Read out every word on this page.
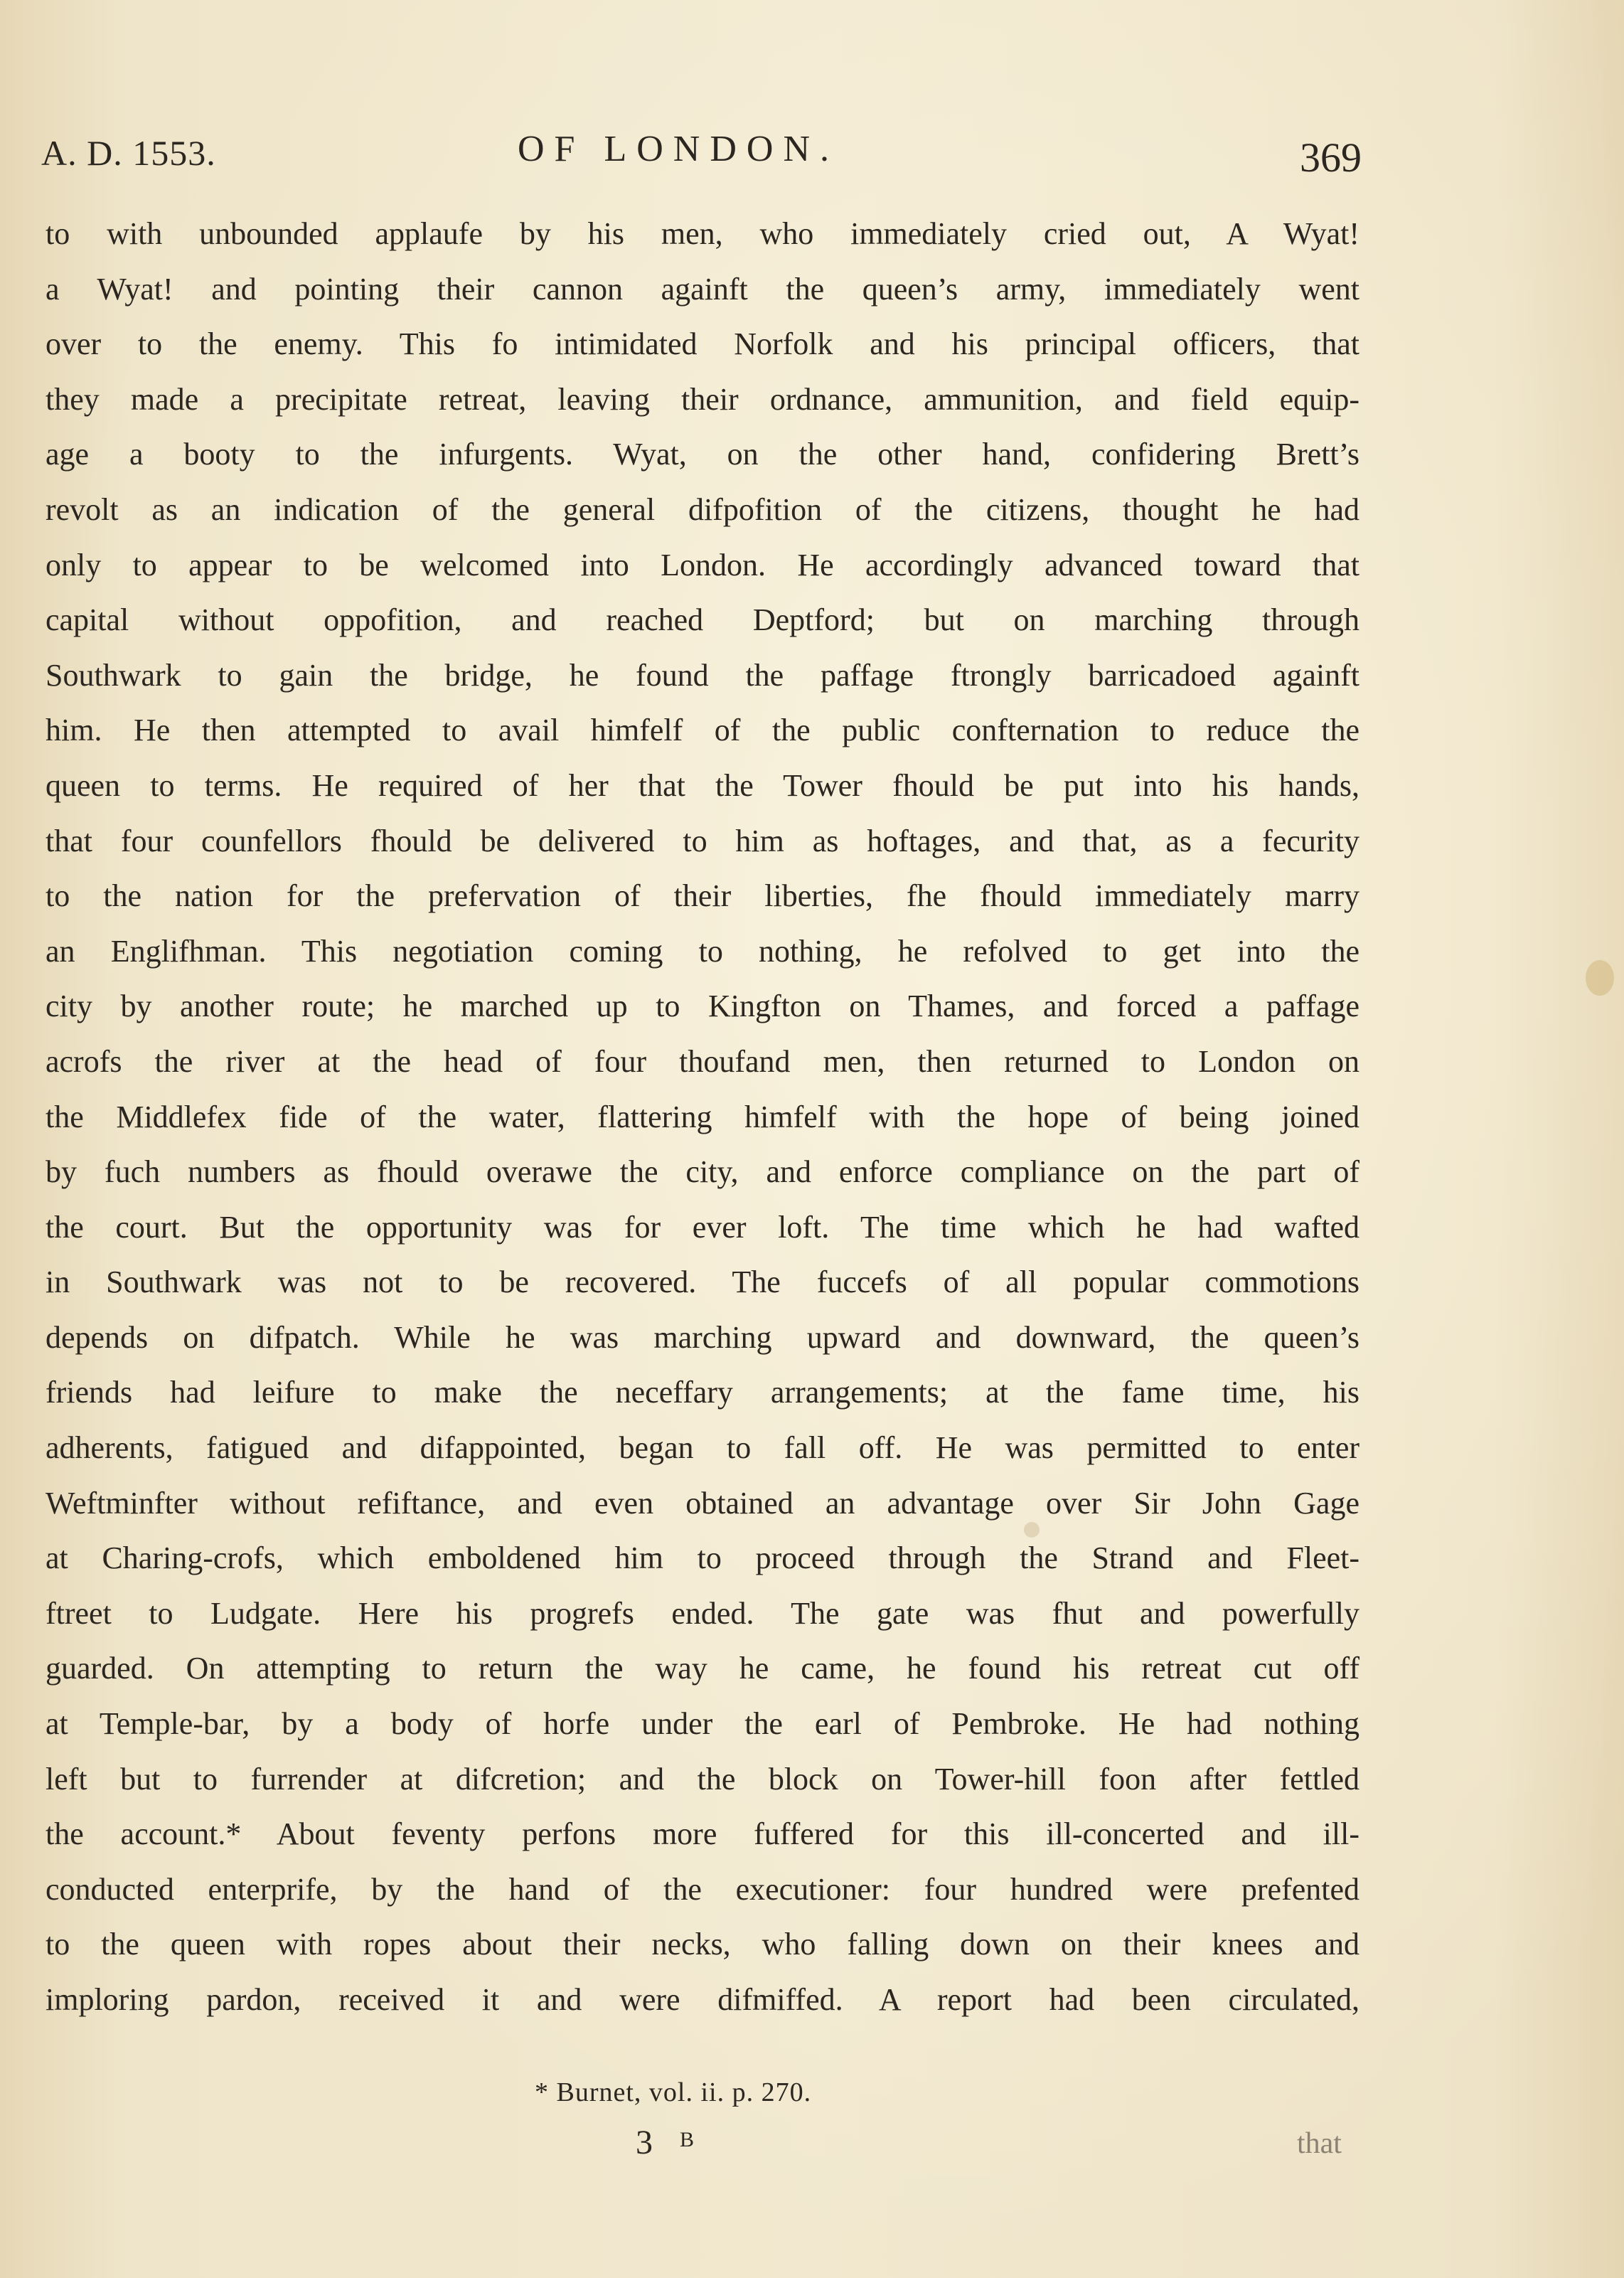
A. D. 1553.	OF LONDON.	369
to with unbounded applaufe by his men, who immediately cried out, A Wyat!
a Wyat! and pointing their cannon againft the queen’s army, immediately went
over to the enemy. This fo intimidated Norfolk and his principal officers, that
they made a precipitate retreat, leaving their ordnance, ammunition, and field equip-
age a booty to the infurgents. Wyat, on the other hand, confidering Brett’s
revolt as an indication of the general difpofition of the citizens, thought he had
only to appear to be welcomed into London. He accordingly advanced toward that
capital without oppofition, and reached Deptford; but on marching through
Southwark to gain the bridge, he found the paffage ftrongly barricadoed againft
him. He then attempted to avail himfelf of the public confternation to reduce the
queen to terms. He required of her that the Tower fhould be put into his hands,
that four counfellors fhould be delivered to him as hoftages, and that, as a fecurity
to the nation for the prefervation of their liberties, fhe fhould immediately marry
an Englifhman. This negotiation coming to nothing, he refolved to get into the
city by another route; he marched up to Kingfton on Thames, and forced a paffage
acrofs the river at the head of four thoufand men, then returned to London on
the Middlefex fide of the water, flattering himfelf with the hope of being joined
by fuch numbers as fhould overawe the city, and enforce compliance on the part of
the court. But the opportunity was for ever loft. The time which he had wafted
in Southwark was not to be recovered. The fuccefs of all popular commotions
depends on difpatch. While he was marching upward and downward, the queen’s
friends had leifure to make the neceffary arrangements; at the fame time, his
adherents, fatigued and difappointed, began to fall off. He was permitted to enter
Weftminfter without refiftance, and even obtained an advantage over Sir John Gage
at Charing-crofs, which emboldened him to proceed through the Strand and Fleet-
ftreet to Ludgate. Here his progrefs ended. The gate was fhut and powerfully
guarded. On attempting to return the way he came, he found his retreat cut off
at Temple-bar, by a body of horfe under the earl of Pembroke. He had nothing
left but to furrender at difcretion; and the block on Tower-hill foon after fettled
the account.* About feventy perfons more fuffered for this ill-concerted and ill-
conducted enterprife, by the hand of the executioner: four hundred were prefented
to the queen with ropes about their necks, who falling down on their knees and
imploring pardon, received it and were difmiffed. A report had been circulated,
* Burnet, vol. ii. p. 270.
3 $^B$	that
